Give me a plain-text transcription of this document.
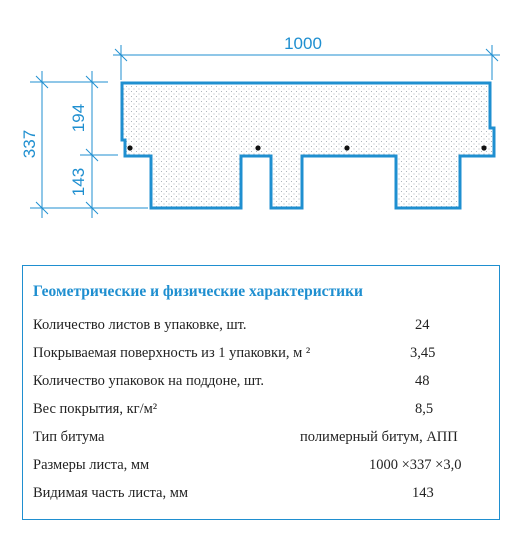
1000
337
194
143
Геометрические и физические характеристики
Количество листов в упаковке, шт.	24
Покрываемая поверхность из 1 упаковки, м ²	3,45
Количество упаковок на поддоне, шт.	48
Вес покрытия, кг/м²	8,5
Тип битума	полимерный битум, АПП
Размеры листа, мм	1000 ×337 ×3,0
Видимая часть листа, мм	143
